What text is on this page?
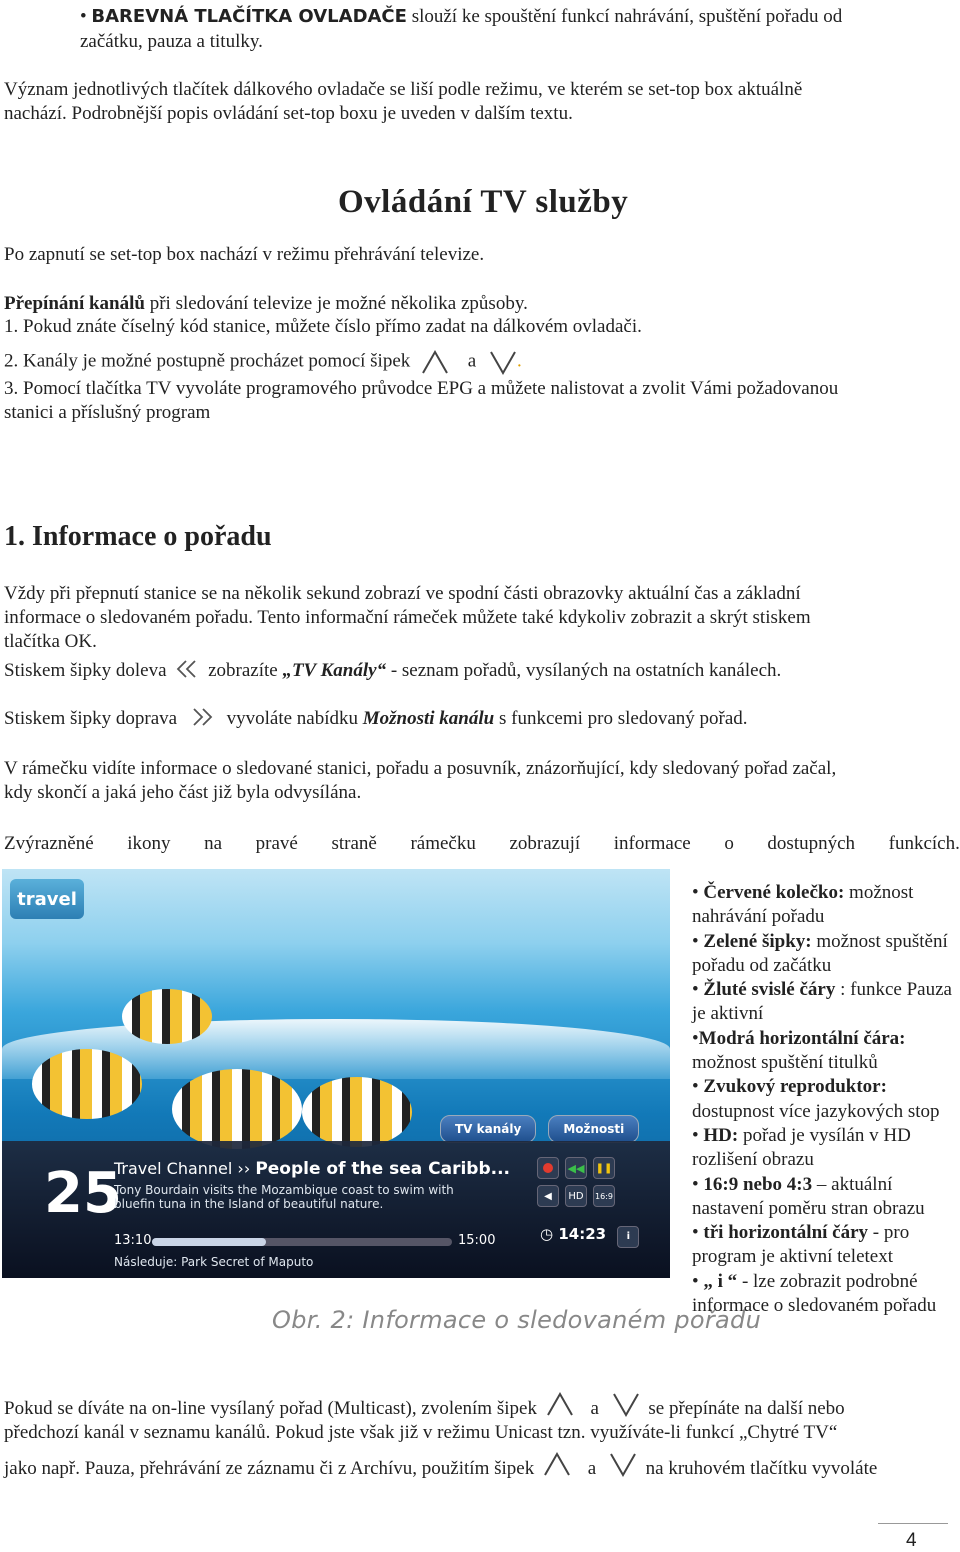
• BAREVNÁ TLAČÍTKA OVLADAČE slouží ke spouštění funkcí nahrávání, spuštění pořadu od
začátku, pauza a titulky.
Význam jednotlivých tlačítek dálkového ovladače se liší podle režimu, ve kterém se set-top box aktuálně
nachází. Podrobnější popis ovládání set-top boxu je uveden v dalším textu.
Ovládání TV služby
Po zapnutí se set-top box nachází v režimu přehrávání televize.
Přepínání kanálů při sledování televize je možné několika způsoby.
1. Pokud znáte číselný kód stanice, můžete číslo přímo zadat na dálkovém ovladači.
2. Kanály je možné postupně procházet pomocí šipek	a .
3. Pomocí tlačítka TV vyvoláte programového průvodce EPG a můžete nalistovat a zvolit Vámi požadovanou
stanici a příslušný program
1. Informace o pořadu
Vždy při přepnutí stanice se na několik sekund zobrazí ve spodní části obrazovky aktuální čas a základní
informace o sledovaném pořadu. Tento informační rámeček můžete také kdykoliv zobrazit a skrýt stiskem
tlačítka OK.
Stiskem šipky doleva zobrazíte „TV Kanály“ - seznam pořadů, vysílaných na ostatních kanálech.
Stiskem šipky doprava	vyvoláte nabídku Možnosti kanálu s funkcemi pro sledovaný pořad.
V rámečku vidíte informace o sledované stanici, pořadu a posuvník, znázorňující, kdy sledovaný pořad začal,
kdy skončí a jaká jeho část již byla odvysílána.
Zvýrazněné ikony na pravé straně rámečku zobrazují informace o dostupných funkcích.
travel
TV kanály	Možnosti
25
Travel Channel ›› People of the sea Caribb...
Tony Bourdain visits the Mozambique coast to swim with bluefin tuna in the Island of beautiful nature.
13:10	15:00
Následuje: Park Secret of Maputo
◀◀ ❚❚
◀	HD	16:9
◷ 14:23 i
Obr. 2: Informace o sledovaném pořadu
• Červené kolečko: možnost nahrávání pořadu
• Zelené šipky: možnost spuštění pořadu od začátku
• Žluté svislé čáry : funkce Pauza je aktivní
•Modrá horizontální čára: možnost spuštění titulků
• Zvukový reproduktor: dostupnost více jazykových stop
• HD: pořad je vysílán v HD rozlišení obrazu
• 16:9 nebo 4:3 – aktuální nastavení poměru stran obrazu
• tři horizontální čáry - pro program je aktivní teletext
• „ i “ - lze zobrazit podrobné informace o sledovaném pořadu
Pokud se díváte na on-line vysílaný pořad (Multicast), zvolením šipek	a	se přepínáte na další nebo
předchozí kanál v seznamu kanálů. Pokud jste však již v režimu Unicast tzn. využíváte-li funkcí „Chytré TV“
jako např. Pauza, přehrávání ze záznamu či z Archívu, použitím šipek	a	na kruhovém tlačítku vyvoláte
4
